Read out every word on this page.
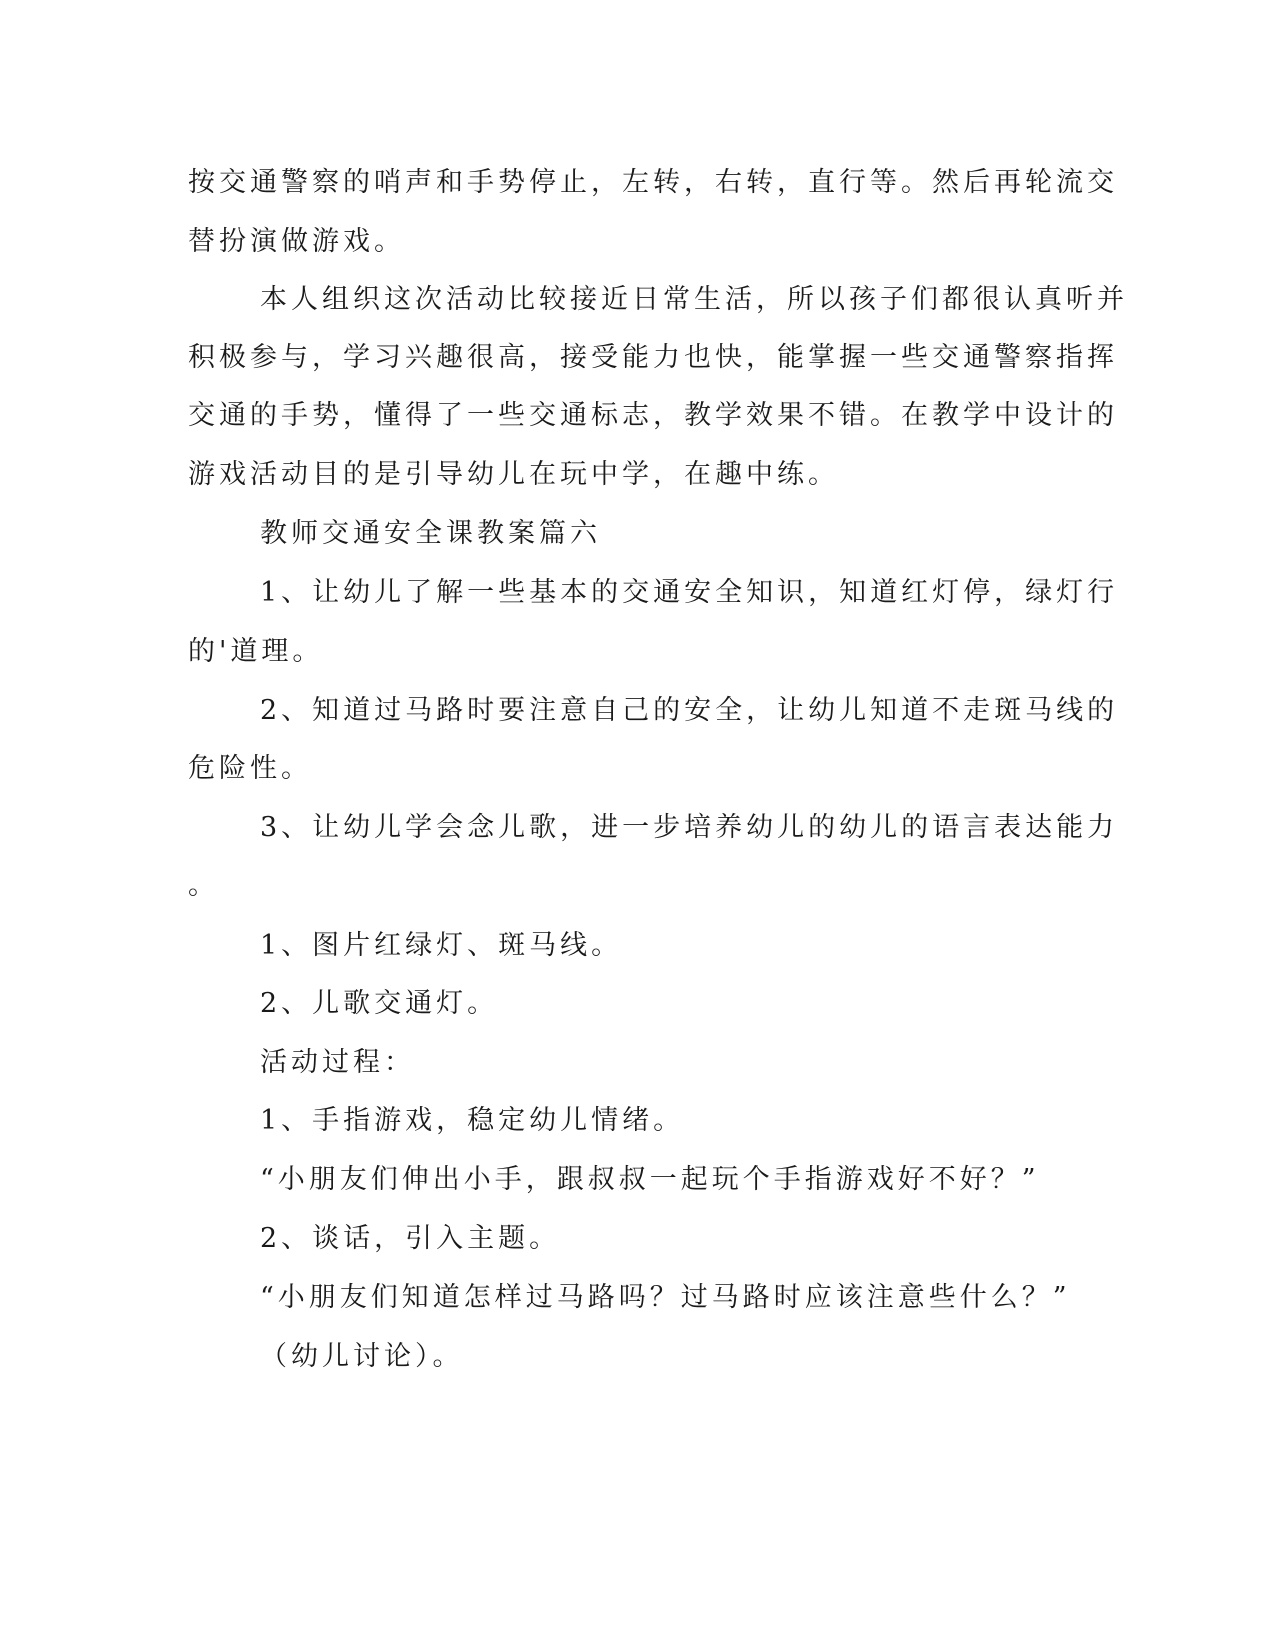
按交通警察的哨声和手势停止，左转，右转，直行等。然后再轮流交
替扮演做游戏。
本人组织这次活动比较接近日常生活，所以孩子们都很认真听并
积极参与，学习兴趣很高，接受能力也快，能掌握一些交通警察指挥
交通的手势，懂得了一些交通标志，教学效果不错。在教学中设计的
游戏活动目的是引导幼儿在玩中学，在趣中练。
教师交通安全课教案篇六
1、让幼儿了解一些基本的交通安全知识，知道红灯停，绿灯行
的'道理。
2、知道过马路时要注意自己的安全，让幼儿知道不走斑马线的
危险性。
3、让幼儿学会念儿歌，进一步培养幼儿的幼儿的语言表达能力
。
1、图片红绿灯、斑马线。
2、儿歌交通灯。
活动过程：
1、手指游戏，稳定幼儿情绪。
“小朋友们伸出小手，跟叔叔一起玩个手指游戏好不好？”
2、谈话，引入主题。
“小朋友们知道怎样过马路吗？过马路时应该注意些什么？”
（幼儿讨论）。
